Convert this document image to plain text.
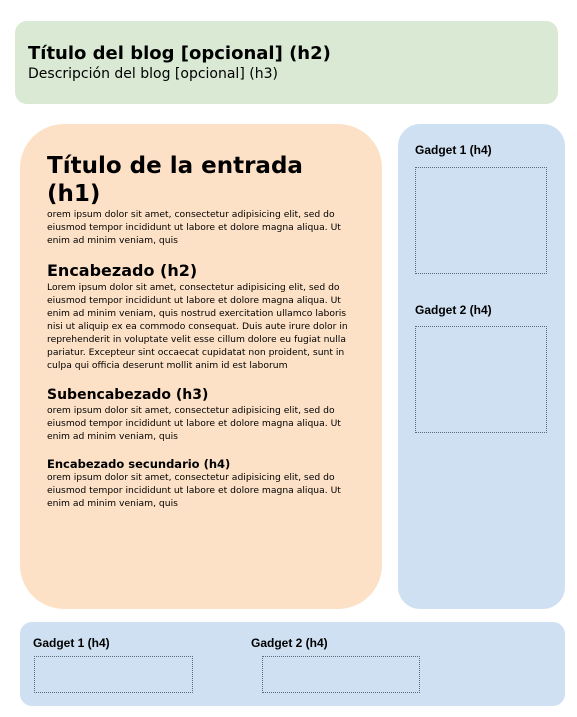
Título del blog [opcional] (h2)

Descripción del blog [opcional] (h3)

Título de la entrada (h1)

orem ipsum dolor sit amet, consectetur adipisicing elit, sed do eiusmod tempor incididunt ut labore et dolore magna aliqua. Ut enim ad minim veniam, quis

Encabezado (h2)

Lorem ipsum dolor sit amet, consectetur adipisicing elit, sed do eiusmod tempor incididunt ut labore et dolore magna aliqua. Ut enim ad minim veniam, quis nostrud exercitation ullamco laboris nisi ut aliquip ex ea commodo consequat. Duis aute irure dolor in reprehenderit in voluptate velit esse cillum dolore eu fugiat nulla pariatur. Excepteur sint occaecat cupidatat non proident, sunt in culpa qui officia deserunt mollit anim id est laborum

Subencabezado (h3)

orem ipsum dolor sit amet, consectetur adipisicing elit, sed do eiusmod tempor incididunt ut labore et dolore magna aliqua. Ut enim ad minim veniam, quis

Encabezado secundario (h4)

orem ipsum dolor sit amet, consectetur adipisicing elit, sed do eiusmod tempor incididunt ut labore et dolore magna aliqua. Ut enim ad minim veniam, quis

Gadget 1 (h4)

Gadget 2 (h4)

Gadget 1 (h4)	Gadget 2 (h4)
